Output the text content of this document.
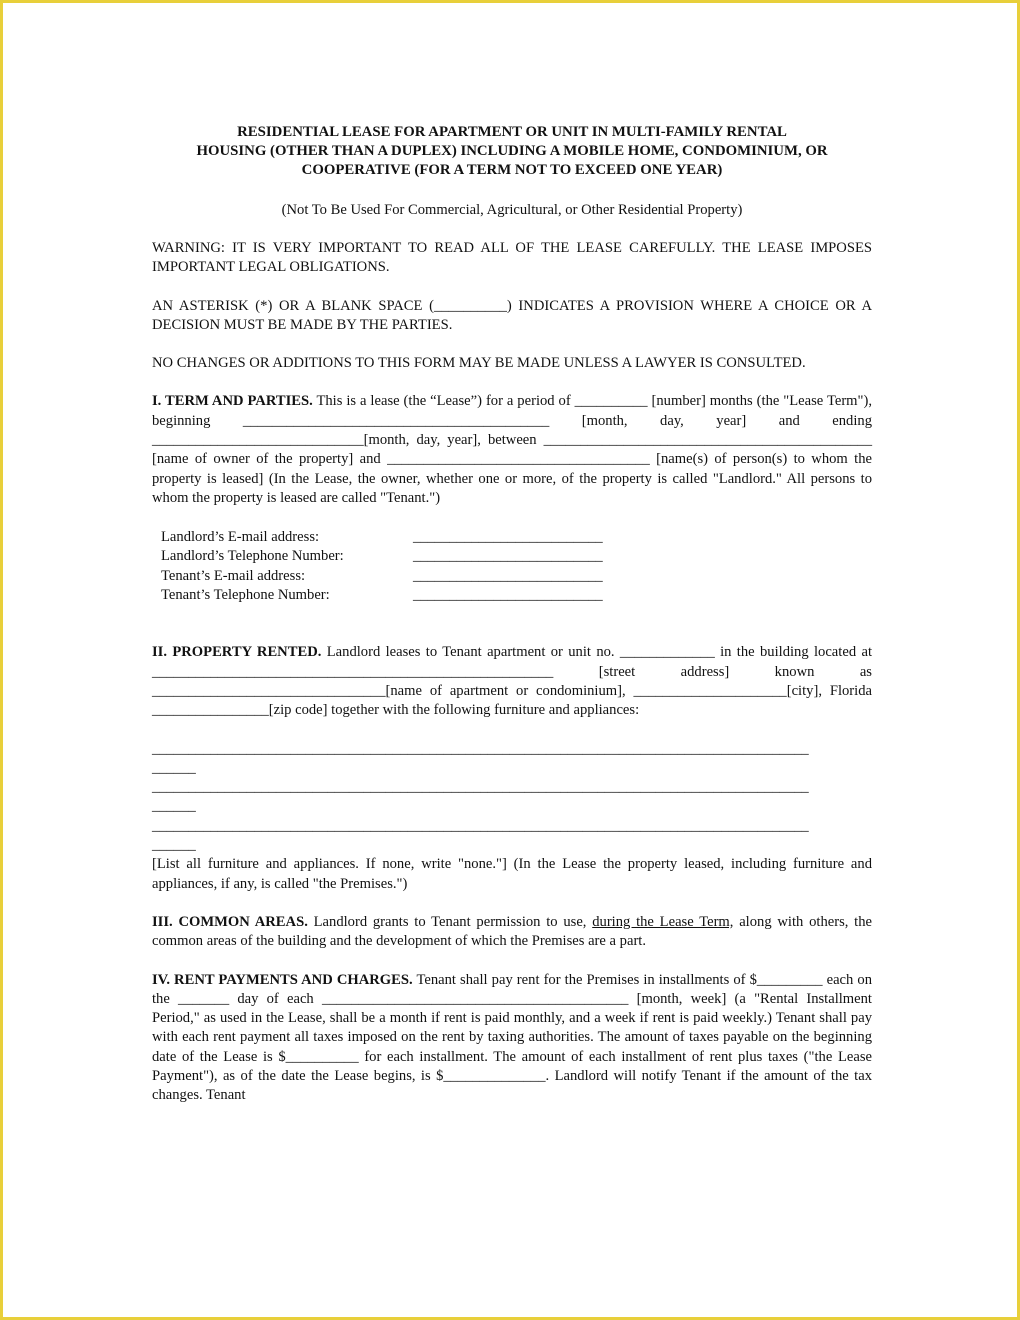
RESIDENTIAL LEASE FOR APARTMENT OR UNIT IN MULTI-FAMILY RENTAL
HOUSING (OTHER THAN A DUPLEX) INCLUDING A MOBILE HOME, CONDOMINIUM, OR
COOPERATIVE (FOR A TERM NOT TO EXCEED ONE YEAR)
(Not To Be Used For Commercial, Agricultural, or Other Residential Property)

WARNING: IT IS VERY IMPORTANT TO READ ALL OF THE LEASE CAREFULLY. THE LEASE IMPOSES IMPORTANT LEGAL OBLIGATIONS.

AN ASTERISK (*) OR A BLANK SPACE (__________) INDICATES A PROVISION WHERE A CHOICE OR A DECISION MUST BE MADE BY THE PARTIES.

NO CHANGES OR ADDITIONS TO THIS FORM MAY BE MADE UNLESS A LAWYER IS CONSULTED.

I. TERM AND PARTIES. This is a lease (the “Lease”) for a period of __________ [number] months (the "Lease Term"), beginning __________________________________________ [month, day, year] and ending _____________________________[month, day, year], between _____________________________________________ [name of owner of the property] and ____________________________________ [name(s) of person(s) to whom the property is leased] (In the Lease, the owner, whether one or more, of the property is called "Landlord." All persons to whom the property is leased are called "Tenant.")

Landlord’s E-mail address:	__________________________
Landlord’s Telephone Number:	__________________________
Tenant’s E-mail address:	__________________________
Tenant’s Telephone Number:	__________________________

II. PROPERTY RENTED. Landlord leases to Tenant apartment or unit no. _____________ in the building located at _______________________________________________________ [street address] known as ________________________________[name of apartment or condominium], _____________________[city], Florida ________________[zip code] together with the following furniture and appliances:

__________________________________________________________________________________________
______
__________________________________________________________________________________________
______
__________________________________________________________________________________________
______

[List all furniture and appliances. If none, write "none."] (In the Lease the property leased, including furniture and appliances, if any, is called "the Premises.")

III. COMMON AREAS. Landlord grants to Tenant permission to use, during the Lease Term, along with others, the common areas of the building and the development of which the Premises are a part.

IV. RENT PAYMENTS AND CHARGES. Tenant shall pay rent for the Premises in installments of $_________ each on the _______ day of each __________________________________________ [month, week] (a "Rental Installment Period," as used in the Lease, shall be a month if rent is paid monthly, and a week if rent is paid weekly.) Tenant shall pay with each rent payment all taxes imposed on the rent by taxing authorities. The amount of taxes payable on the beginning date of the Lease is $__________ for each installment. The amount of each installment of rent plus taxes ("the Lease Payment"), as of the date the Lease begins, is $______________. Landlord will notify Tenant if the amount of the tax changes. Tenant
